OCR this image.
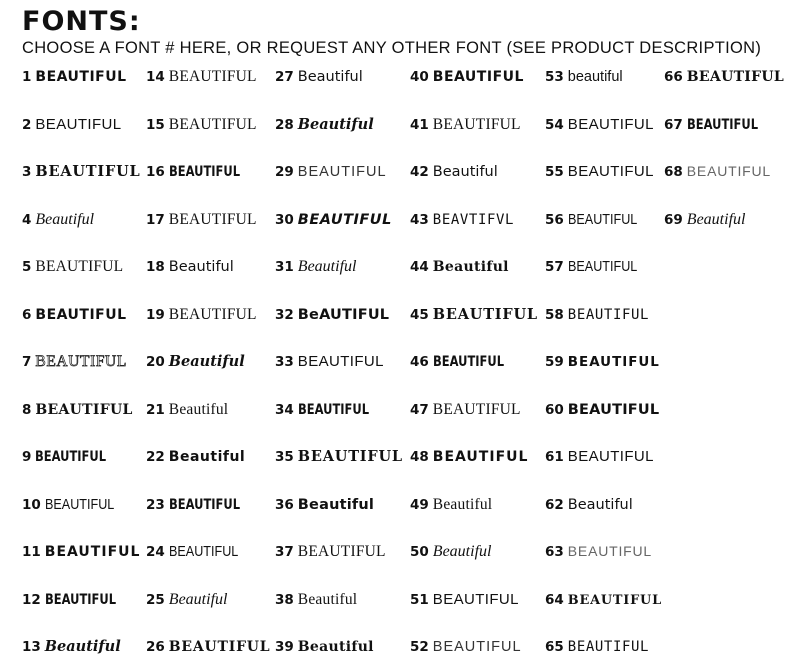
FONTS:
CHOOSE A FONT # HERE, OR REQUEST ANY OTHER FONT (SEE PRODUCT DESCRIPTION)
1 BEAUTIFUL
2 BEAUTIFUL
3 BEAUTIFUL
4 Beautiful
5 BEAUTIFUL
6 BEAUTIFUL
7 BEAUTIFUL
8 BEAUTIFUL
9 BEAUTIFUL
10 BEAUTIFUL
11 BEAUTIFUL
12 BEAUTIFUL
13 Beautiful
14 BEAUTIFUL
15 BEAUTIFUL
16 BEAUTIFUL
17 BEAUTIFUL
18 Beautiful
19 BEAUTIFUL
20 Beautiful
21 Beautiful
22 Beautiful
23 BEAUTIFUL
24 BEAUTIFUL
25 Beautiful
26 BEAUTIFUL
27 Beautiful
28 Beautiful
29 BEAUTIFUL
30 BEAUTIFUL
31 Beautiful
32 BeAUTIFUL
33 BEAUTIFUL
34 BEAUTIFUL
35 BEAUTIFUL
36 Beautiful
37 BEAUTIFUL
38 Beautiful
39 Beautiful
40 BEAUTIFUL
41 BEAUTIFUL
42 Beautiful
43 BEAVTIFVL
44 Beautiful
45 BEAUTIFUL
46 BEAUTIFUL
47 BEAUTIFUL
48 BEAUTIFUL
49 Beautiful
50 Beautiful
51 BEAUTIFUL
52 BEAUTIFUL
53 beautiful
54 BEAUTIFUL
55 BEAUTIFUL
56 BEAUTIFUL
57 BEAUTIFUL
58 BEAUTIFUL
59 BEAUTIFUL
60 BEAUTIFUL
61 BEAUTIFUL
62 Beautiful
63 BEAUTIFUL
64 BEAUTIFUL
65 BEAUTIFUL
66 BEAUTIFUL
67 BEAUTIFUL
68 BEAUTIFUL
69 Beautiful
